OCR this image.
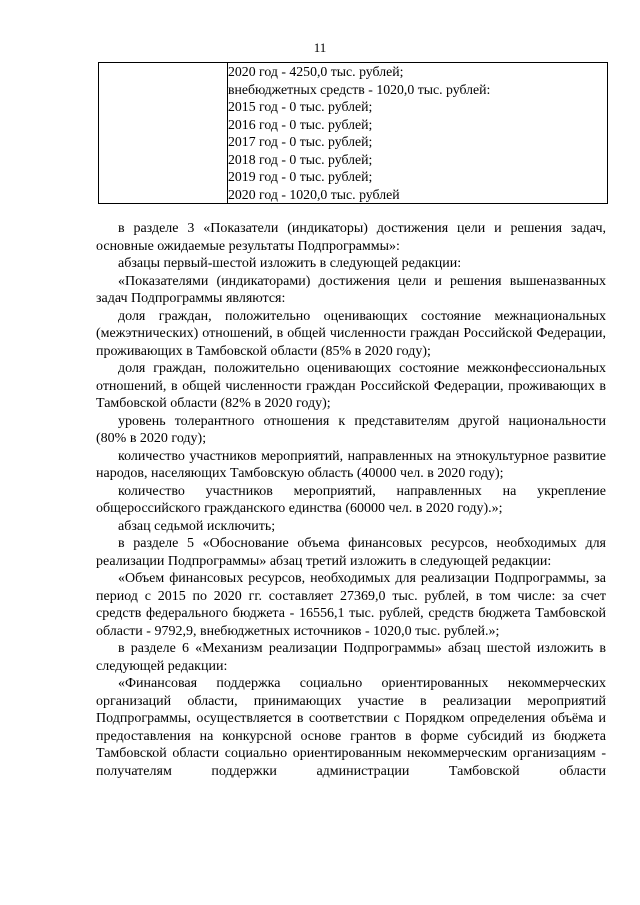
11

2020 год - 4250,0 тыс. рублей;
внебюджетных средств - 1020,0 тыс. рублей:
2015 год - 0 тыс. рублей;
2016 год - 0 тыс. рублей;
2017 год - 0 тыс. рублей;
2018 год - 0 тыс. рублей;
2019 год - 0 тыс. рублей;
2020 год - 1020,0 тыс. рублей

в разделе 3 «Показатели (индикаторы) достижения цели и решения задач, основные ожидаемые результаты Подпрограммы»:

абзацы первый-шестой изложить в следующей редакции:

«Показателями (индикаторами) достижения цели и решения вышеназванных задач Подпрограммы являются:

доля граждан, положительно оценивающих состояние межнациональных (межэтнических) отношений, в общей численности граждан Российской Федерации, проживающих в Тамбовской области (85% в 2020 году);

доля граждан, положительно оценивающих состояние межконфессиональных отношений, в общей численности граждан Российской Федерации, проживающих в Тамбовской области (82% в 2020 году);

уровень толерантного отношения к представителям другой национальности (80% в 2020 году);

количество участников мероприятий, направленных на этнокультурное развитие народов, населяющих Тамбовскую область (40000 чел. в 2020 году);

количество участников мероприятий, направленных на укрепление общероссийского гражданского единства (60000 чел. в 2020 году).»;

абзац седьмой исключить;

в разделе 5 «Обоснование объема финансовых ресурсов, необходимых для реализации Подпрограммы» абзац третий изложить в следующей редакции:

«Объем финансовых ресурсов, необходимых для реализации Подпрограммы, за период с 2015 по 2020 гг. составляет 27369,0 тыс. рублей, в том числе: за счет средств федерального бюджета - 16556,1 тыс. рублей, средств бюджета Тамбовской области - 9792,9, внебюджетных источников - 1020,0 тыс. рублей.»;

в разделе 6 «Механизм реализации Подпрограммы» абзац шестой изложить в следующей редакции:

«Финансовая поддержка социально ориентированных некоммерческих организаций области, принимающих участие в реализации мероприятий Подпрограммы, осуществляется в соответствии с Порядком определения объёма и предоставления на конкурсной основе грантов в форме субсидий из бюджета Тамбовской области социально ориентированным некоммерческим организациям - получателям поддержки администрации Тамбовской области
